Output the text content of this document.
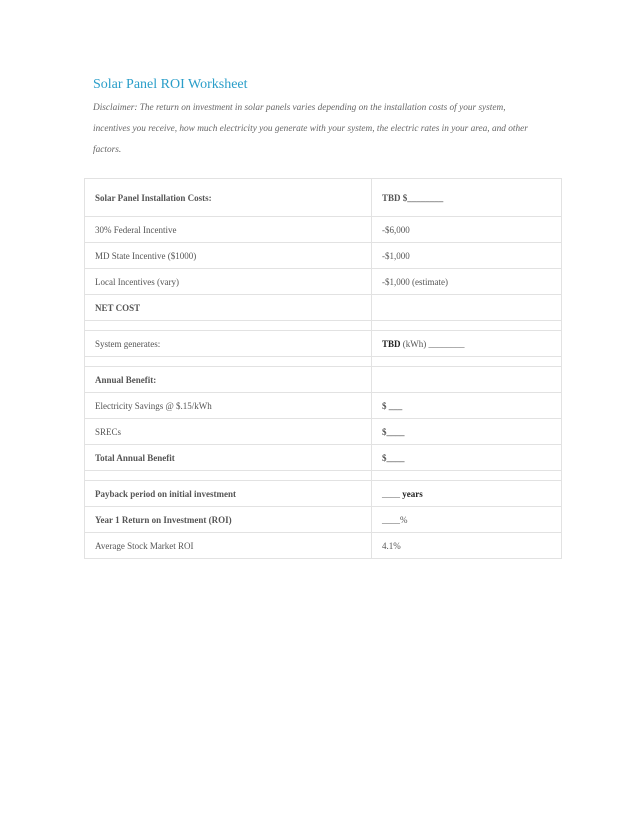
Solar Panel ROI Worksheet

Disclaimer: The return on investment in solar panels varies depending on the installation costs of your system, incentives you receive, how much electricity you generate with your system, the electric rates in your area, and other factors.

Solar Panel Installation Costs:	TBD $________
30% Federal Incentive	-$6,000
MD State Incentive ($1000)	-$1,000
Local Incentives (vary)	-$1,000 (estimate)
NET COST	

System generates:	TBD (kWh) ________

Annual Benefit:	
Electricity Savings @ $.15/kWh	$ ___
SRECs	$____
Total Annual Benefit	$____

Payback period on initial investment	____ years
Year 1 Return on Investment (ROI)	____%
Average Stock Market ROI	4.1%
